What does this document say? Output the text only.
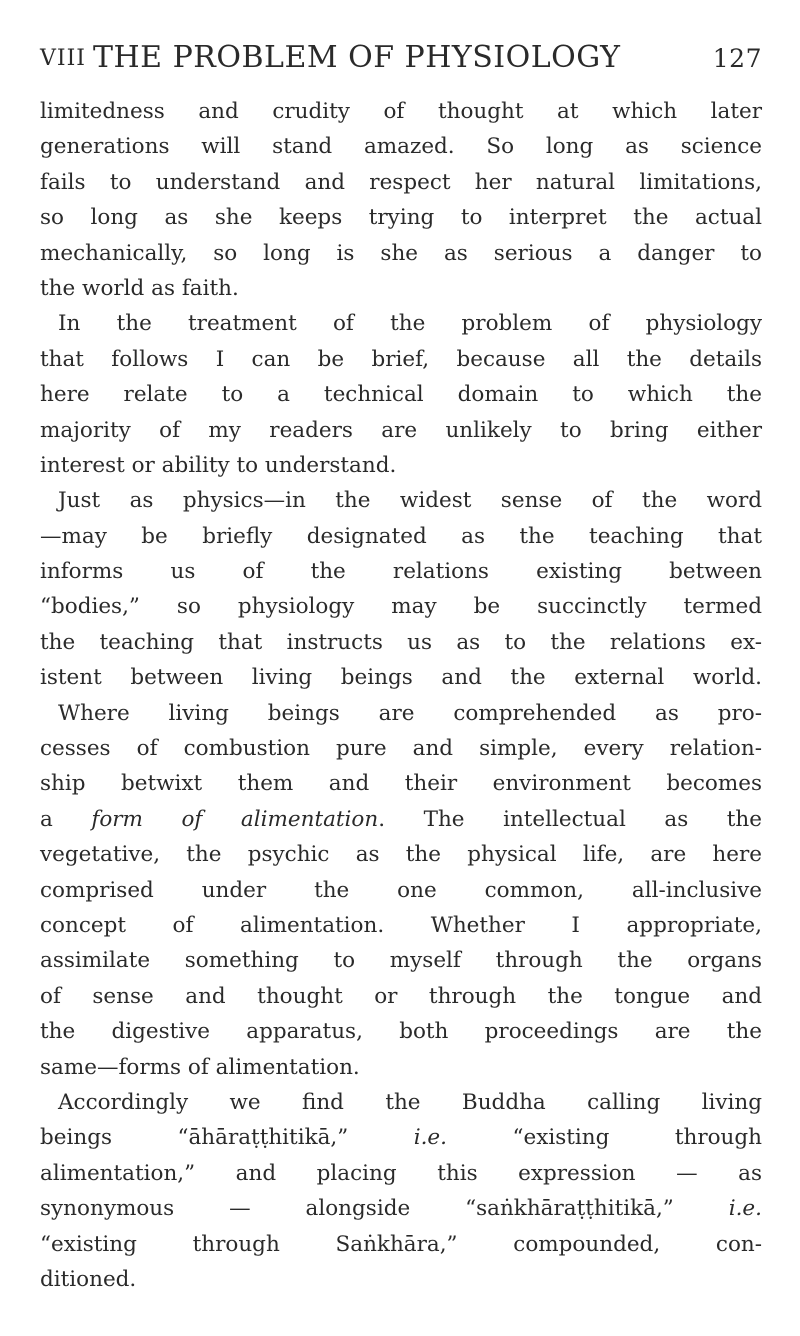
VIII THE PROBLEM OF PHYSIOLOGY	127
limitedness and crudity of thought at which later
generations will stand amazed. So long as science
fails to understand and respect her natural limitations,
so long as she keeps trying to interpret the actual
mechanically, so long is she as serious a danger to
the world as faith.
In the treatment of the problem of physiology
that follows I can be brief, because all the details
here relate to a technical domain to which the
majority of my readers are unlikely to bring either
interest or ability to understand.
Just as physics—in the widest sense of the word
—may be briefly designated as the teaching that
informs us of the relations existing between
“bodies,” so physiology may be succinctly termed
the teaching that instructs us as to the relations ex-
istent between living beings and the external world.
Where living beings are comprehended as pro-
cesses of combustion pure and simple, every relation-
ship betwixt them and their environment becomes
a form of alimentation. The intellectual as the
vegetative, the psychic as the physical life, are here
comprised under the one common, all-inclusive
concept of alimentation. Whether I appropriate,
assimilate something to myself through the organs
of sense and thought or through the tongue and
the digestive apparatus, both proceedings are the
same—forms of alimentation.
Accordingly we find the Buddha calling living
beings “āhāraṭṭhitikā,” i.e. “existing through
alimentation,” and placing this expression — as
synonymous — alongside “saṅkhāraṭṭhitikā,” i.e.
“existing through Saṅkhāra,” compounded, con-
ditioned.
